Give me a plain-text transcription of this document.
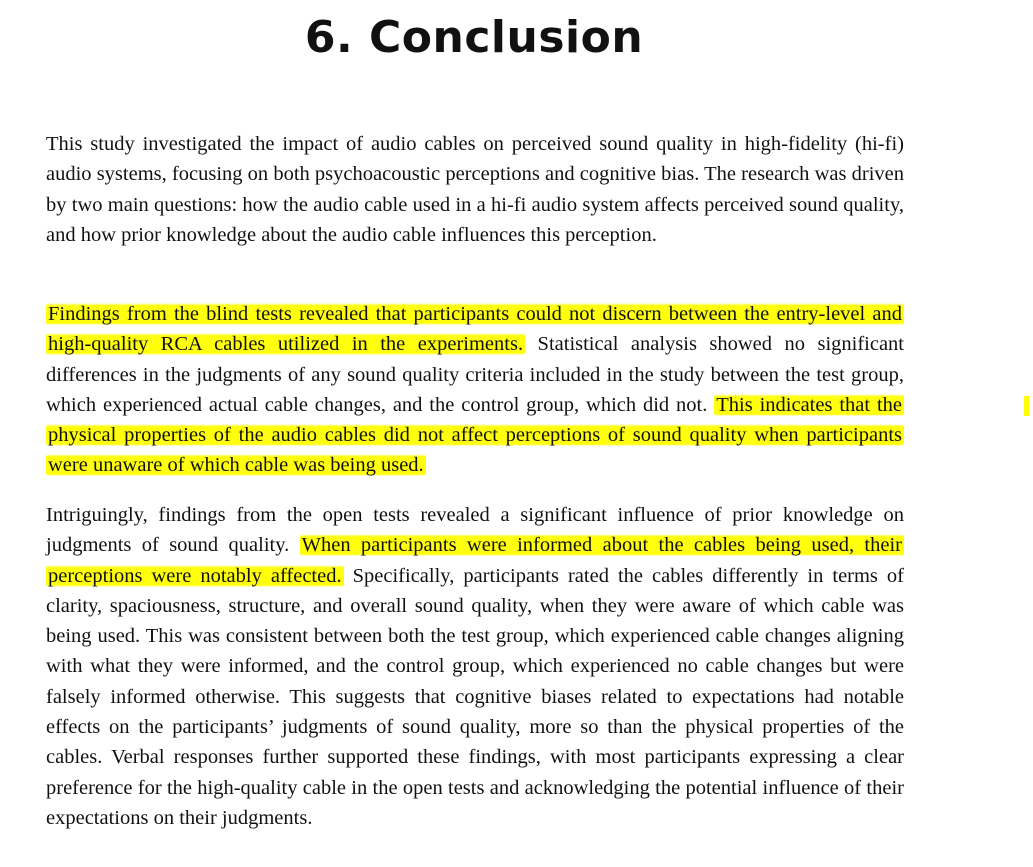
6. Conclusion

This study investigated the impact of audio cables on perceived sound quality in high-fidelity (hi-fi) audio systems, focusing on both psychoacoustic perceptions and cognitive bias. The research was driven by two main questions: how the audio cable used in a hi-fi audio system affects perceived sound quality, and how prior knowledge about the audio cable influences this perception.

Findings from the blind tests revealed that participants could not discern between the entry-level and high-quality RCA cables utilized in the experiments. Statistical analysis showed no significant differences in the judgments of any sound quality criteria included in the study between the test group, which experienced actual cable changes, and the control group, which did not. This indicates that the physical properties of the audio cables did not affect perceptions of sound quality when participants were unaware of which cable was being used.

Intriguingly, findings from the open tests revealed a significant influence of prior knowledge on judgments of sound quality. When participants were informed about the cables being used, their perceptions were notably affected. Specifically, participants rated the cables differently in terms of clarity, spaciousness, structure, and overall sound quality, when they were aware of which cable was being used. This was consistent between both the test group, which experienced cable changes aligning with what they were informed, and the control group, which experienced no cable changes but were falsely informed otherwise. This suggests that cognitive biases related to expectations had notable effects on the participants’ judgments of sound quality, more so than the physical properties of the cables. Verbal responses further supported these findings, with most participants expressing a clear preference for the high-quality cable in the open tests and acknowledging the potential influence of their expectations on their judgments.
